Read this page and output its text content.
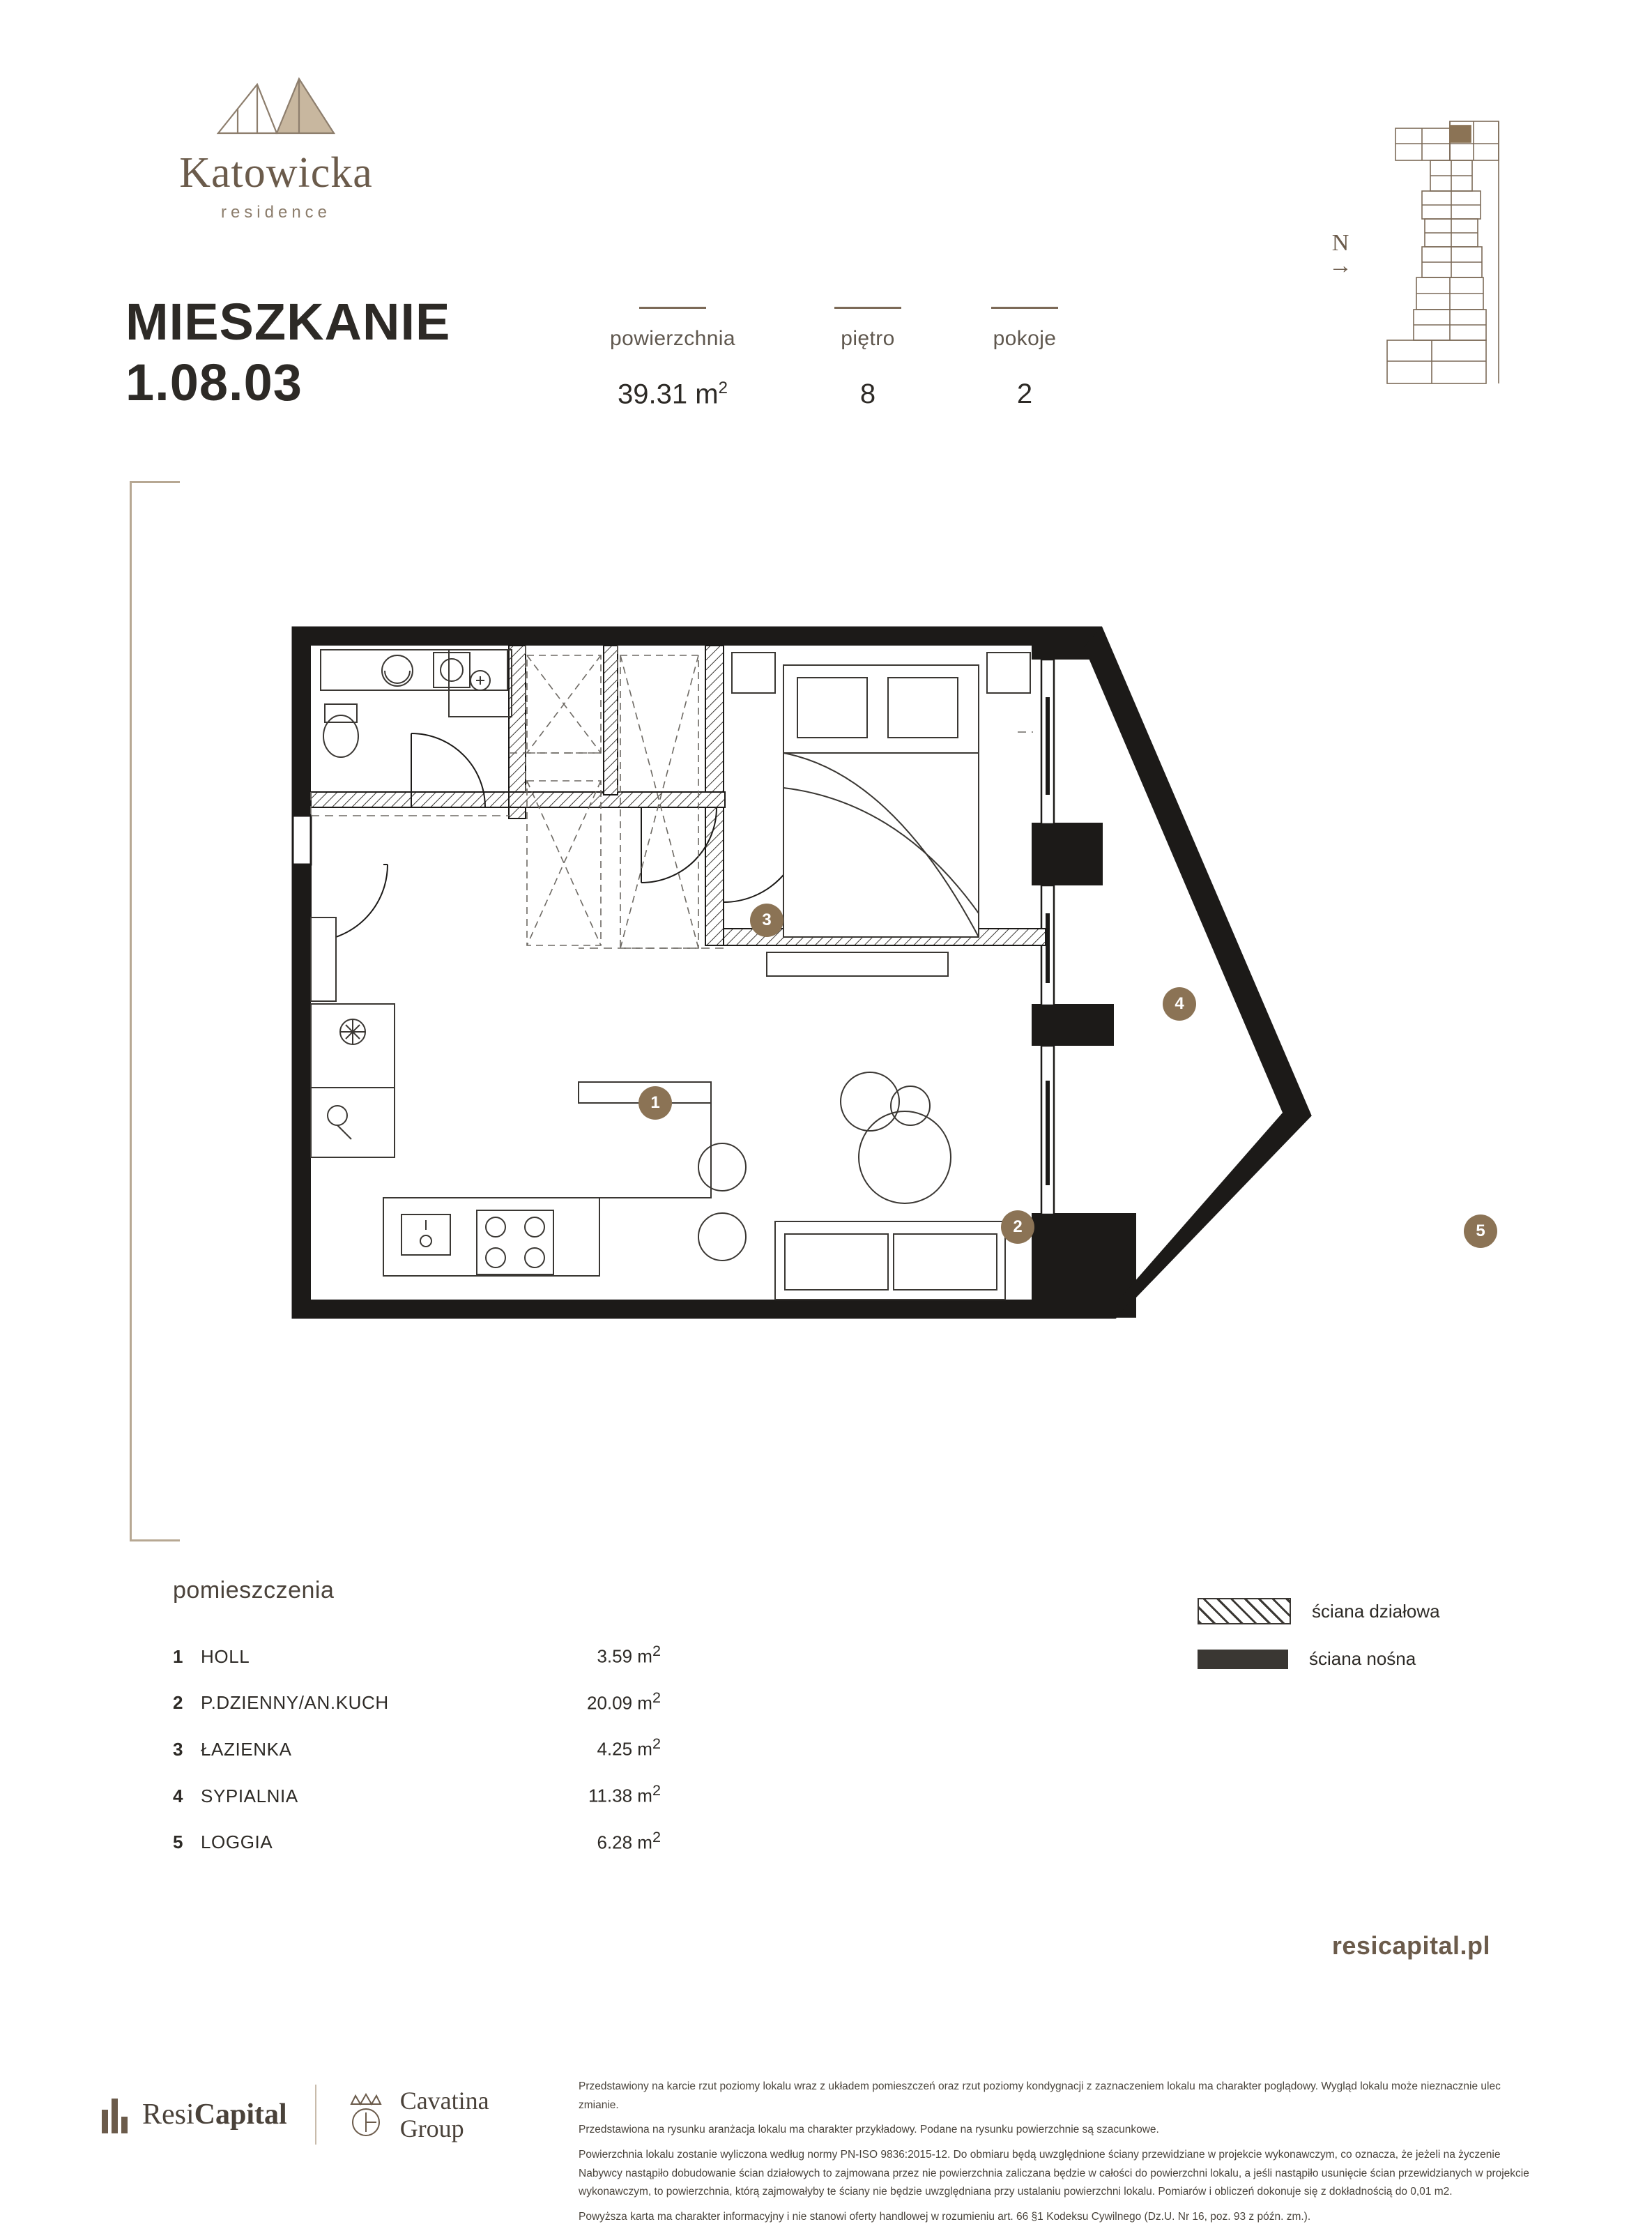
Katowicka
residence
MIESZKANIE
1.08.03
powierzchnia
39.31 $m^2$
piętro
8
pokoje
2
N
→
1
2
3
4
5
pomieszczenia
1 HOLL	3.59 $m^2$
2 P.DZIENNY/AN.KUCH	20.09 $m^2$
3 ŁAZIENKA	4.25 $m^2$
4 SYPIALNIA	11.38 $m^2$
5 LOGGIA	6.28 $m^2$
ściana działowa
ściana nośna
resicapital.pl
ResiCapital	Cavatina
Group

Przedstawiony na karcie rzut poziomy lokalu wraz z układem pomieszczeń oraz rzut poziomy kondygnacji z zaznaczeniem lokalu ma charakter poglądowy. Wygląd lokalu może nieznacznie ulec zmianie.

Przedstawiona na rysunku aranżacja lokalu ma charakter przykładowy. Podane na rysunku powierzchnie są szacunkowe.

Powierzchnia lokalu zostanie wyliczona według normy PN-ISO 9836:2015-12. Do obmiaru będą uwzględnione ściany przewidziane w projekcie wykonawczym, co oznacza, że jeżeli na życzenie Nabywcy nastąpiło dobudowanie ścian działowych to zajmowana przez nie powierzchnia zaliczana będzie w całości do powierzchni lokalu, a jeśli nastąpiło usunięcie ścian przewidzianych w projekcie wykonawczym, to powierzchnia, którą zajmowałyby te ściany nie będzie uwzględniana przy ustalaniu powierzchni lokalu. Pomiarów i obliczeń dokonuje się z dokładnością do 0,01 m2.

Powyższa karta ma charakter informacyjny i nie stanowi oferty handlowej w rozumieniu art. 66 §1 Kodeksu Cywilnego (Dz.U. Nr 16, poz. 93 z późn. zm.).
